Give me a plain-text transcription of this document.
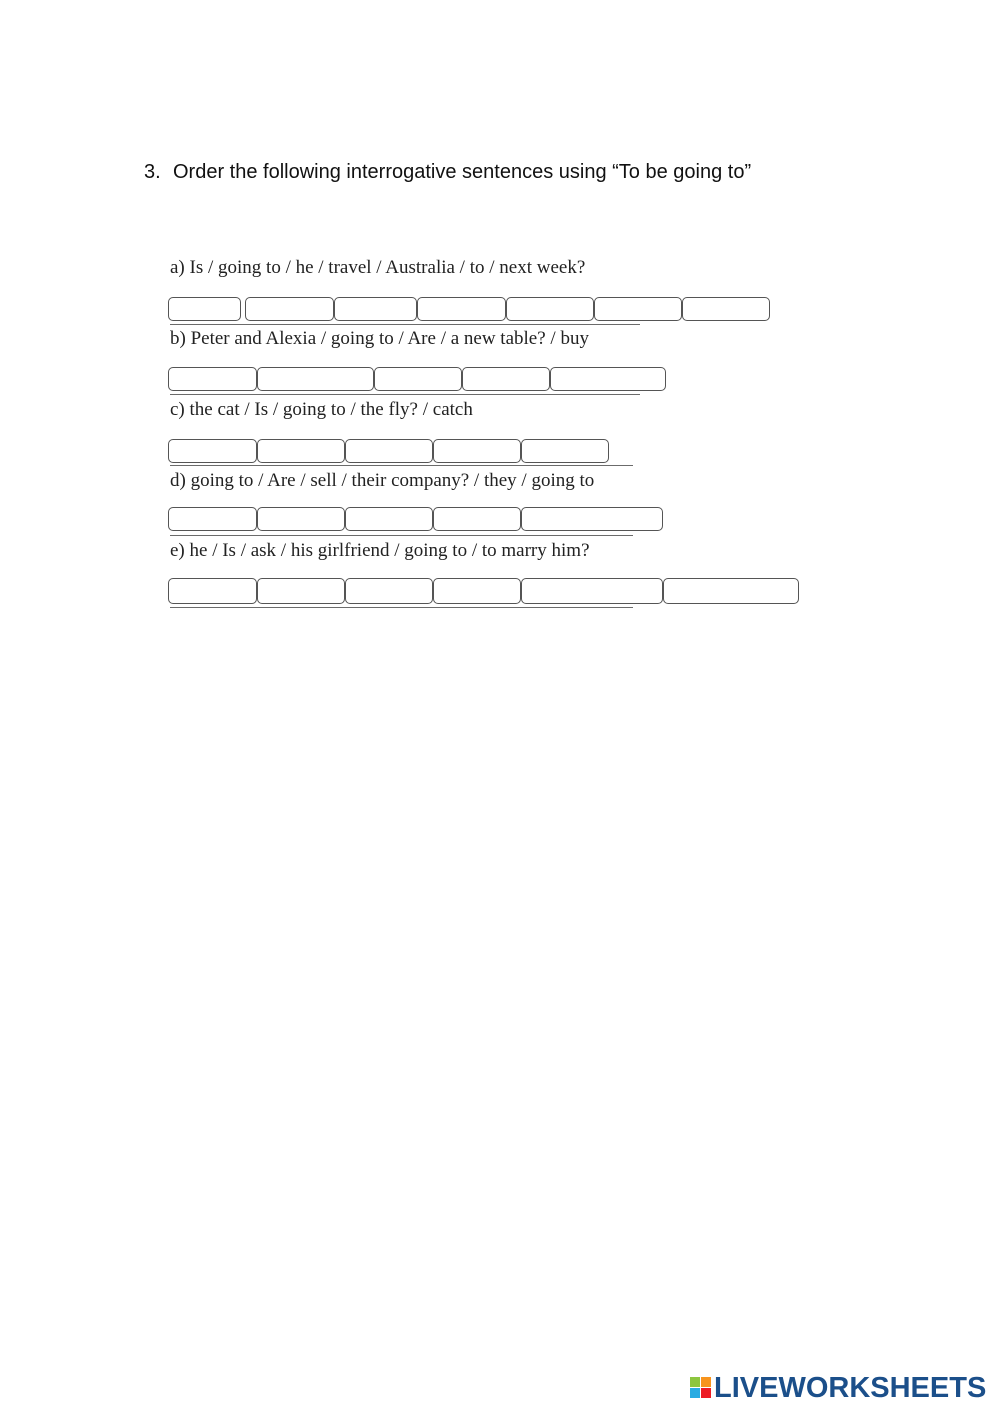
3. Order the following interrogative sentences using “To be going to”
a) Is / going to / he / travel / Australia / to / next week?
b) Peter and Alexia / going to / Are / a new table? / buy
c) the cat / Is / going to / the fly? / catch
d) going to / Are / sell / their company? / they / going to
e) he / Is / ask / his girlfriend / going to / to marry him?
LIVEWORKSHEETS
